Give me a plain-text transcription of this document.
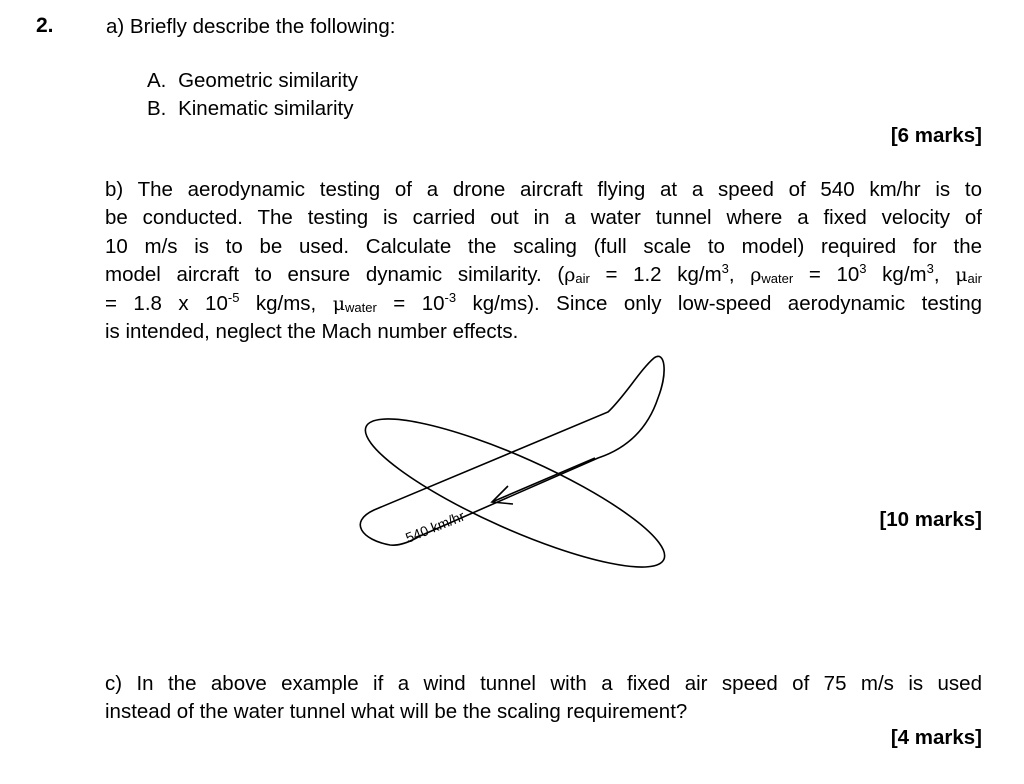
2.	a) Briefly describe the following:
A. Geometric similarity
B. Kinematic similarity
[6 marks]
b) The aerodynamic testing of a drone aircraft flying at a speed of 540 km/hr is to
be conducted. The testing is carried out in a water tunnel where a fixed velocity of
10 m/s is to be used. Calculate the scaling (full scale to model) required for the
model aircraft to ensure dynamic similarity. ($\rho_{air} = 1.2$ $kg/m^3$, $\rho_{water} = 10^3$ $kg/m^3$, $\mu_{air}$
= 1.8 x $10^{-5}$ kg/ms, $\mu_{water} = 10^{-3}$ kg/ms). Since only low-speed aerodynamic testing
is intended, neglect the Mach number effects.
540 km/hr	[10 marks]
c) In the above example if a wind tunnel with a fixed air speed of 75 m/s is used
instead of the water tunnel what will be the scaling requirement?
[4 marks]
